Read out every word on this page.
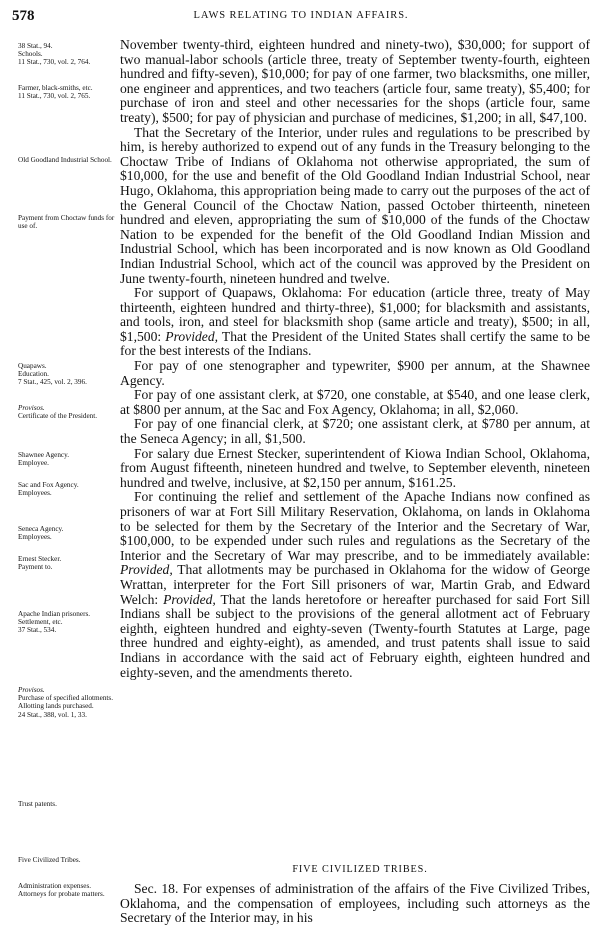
578	LAWS RELATING TO INDIAN AFFAIRS.

38 Stat., 94.

Schools.

11 Stat., 730, vol. 2, 764.

Farmer, black-smiths, etc.

11 Stat., 730, vol. 2, 765.

Old Goodland Industrial School.

Payment from Choctaw funds for use of.

Quapaws.

Education.

7 Stat., 425, vol. 2, 396.

Provisos.

Certificate of the President.

Shawnee Agency.

Employee.

Sac and Fox Agency.

Employees.

Seneca Agency.

Employees.

Ernest Stecker.

Payment to.

Apache Indian prisoners.

Settlement, etc.

37 Stat., 534.

Provisos.

Purchase of specified allotments.

Allotting lands purchased.

24 Stat., 388, vol. 1, 33.

Trust patents.

Five Civilized Tribes.

Administration expenses.

Attorneys for probate matters.

November twenty-third, eighteen hundred and ninety-two), $30,000; for support of two manual-labor schools (article three, treaty of September twenty-fourth, eighteen hundred and fifty-seven), $10,000; for pay of one farmer, two blacksmiths, one miller, one engineer and apprentices, and two teachers (article four, same treaty), $5,400; for purchase of iron and steel and other necessaries for the shops (article four, same treaty), $500; for pay of physician and purchase of medicines, $1,200; in all, $47,100.

That the Secretary of the Interior, under rules and regulations to be prescribed by him, is hereby authorized to expend out of any funds in the Treasury belonging to the Choctaw Tribe of Indians of Oklahoma not otherwise appropriated, the sum of $10,000, for the use and benefit of the Old Goodland Indian Industrial School, near Hugo, Oklahoma, this appropriation being made to carry out the purposes of the act of the General Council of the Choctaw Nation, passed October thirteenth, nineteen hundred and eleven, appropriating the sum of $10,000 of the funds of the Choctaw Nation to be expended for the benefit of the Old Goodland Indian Mission and Industrial School, which has been incorporated and is now known as Old Goodland Indian Industrial School, which act of the council was approved by the President on June twenty-fourth, nineteen hundred and twelve.

For support of Quapaws, Oklahoma: For education (article three, treaty of May thirteenth, eighteen hundred and thirty-three), $1,000; for blacksmith and assistants, and tools, iron, and steel for blacksmith shop (same article and treaty), $500; in all, $1,500: Provided, That the President of the United States shall certify the same to be for the best interests of the Indians.

For pay of one stenographer and typewriter, $900 per annum, at the Shawnee Agency.

For pay of one assistant clerk, at $720, one constable, at $540, and one lease clerk, at $800 per annum, at the Sac and Fox Agency, Oklahoma; in all, $2,060.

For pay of one financial clerk, at $720; one assistant clerk, at $780 per annum, at the Seneca Agency; in all, $1,500.

For salary due Ernest Stecker, superintendent of Kiowa Indian School, Oklahoma, from August fifteenth, nineteen hundred and twelve, to September eleventh, nineteen hundred and twelve, inclusive, at $2,150 per annum, $161.25.

For continuing the relief and settlement of the Apache Indians now confined as prisoners of war at Fort Sill Military Reservation, Oklahoma, on lands in Oklahoma to be selected for them by the Secretary of the Interior and the Secretary of War, $100,000, to be expended under such rules and regulations as the Secretary of the Interior and the Secretary of War may prescribe, and to be immediately available: Provided, That allotments may be purchased in Oklahoma for the widow of George Wrattan, interpreter for the Fort Sill prisoners of war, Martin Grab, and Edward Welch: Provided, That the lands heretofore or hereafter purchased for said Fort Sill Indians shall be subject to the provisions of the general allotment act of February eighth, eighteen hundred and eighty-seven (Twenty-fourth Statutes at Large, page three hundred and eighty-eight), as amended, and trust patents shall issue to said Indians in accordance with the said act of February eighth, eighteen hundred and eighty-seven, and the amendments thereto.

FIVE CIVILIZED TRIBES.

Sec. 18. For expenses of administration of the affairs of the Five Civilized Tribes, Oklahoma, and the compensation of employees, including such attorneys as the Secretary of the Interior may, in his
